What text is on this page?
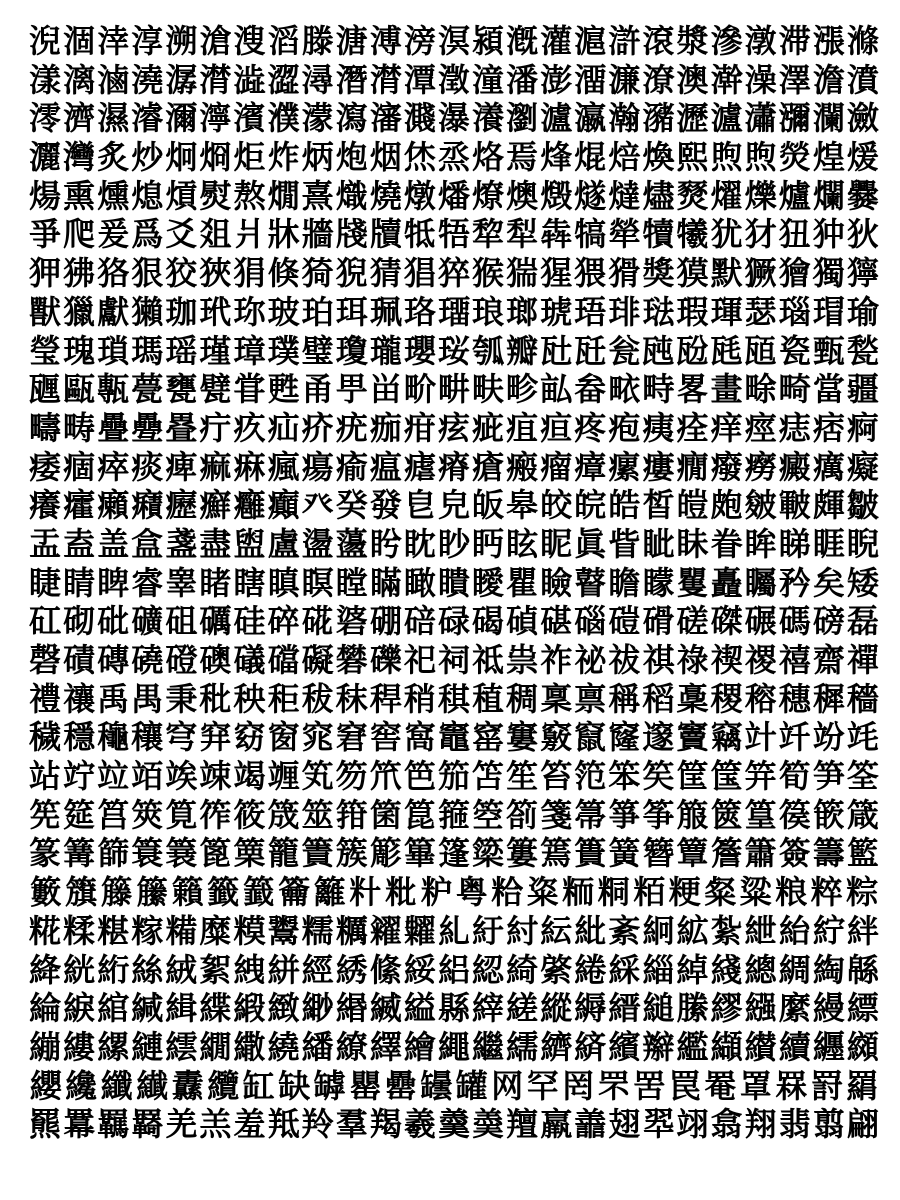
淣 涸 涬 淳 溯 滄 溲 滔 滕 溏 溥 滂 溟 潁 漑 灌 滬 滸 滾 漿 滲 潡 滞 漲 滌
漾 漓 滷 澆 潺 潸 澁 澀 潯 潛 潸 潭 澂 潼 潘 澎 澑 濂 潦 澳 澣 澡 澤 澹 濆
澪 濟 濕 濬 濔 濘 濱 濮 濛 瀉 瀋 濺 瀑 瀁 瀏 瀘 瀛 瀚 瀦 瀝 瀘 瀟 瀰 瀾 瀲
灑 灣 炙 炒 炯 烱 炬 炸 炳 炮 烟 烋 烝 烙 焉 烽 焜 焙 煥 熙 煦 煦 熒 煌 煖
煬 熏 燻 熄 熕 熨 熬 燗 熹 熾 燒 燉 燔 燎 燠 燬 燧 燵 燼 燹 燿 爍 爐 爛 爨
爭 爬 爰 爲 爻 爼 爿 牀 牆 牋 牘 牴 牾 犂 犁 犇 犒 犖 犢 犧 犹 犲 狃 狆 狄
狎 狒 狢 狠 狡 狹 狷 倏 猗 猊 猜 猖 猝 猴 猯 猩 猥 猾 獎 獏 默 獗 獪 獨 獰
獸 獵 獻 獺 珈 玳 珎 玻 珀 珥 珮 珞 璢 琅 瑯 琥 珸 琲 琺 瑕 琿 瑟 瑙 瑁 瑜
瑩 瑰 瑣 瑪 瑶 瑾 璋 璞 璧 瓊 瓏 瓔 珱 瓠 瓣 瓧 瓩 瓮 瓲 瓰 瓱 瓸 瓷 甄 甃
甅 甌 甎 甍 甕 甓 甞 甦 甬 甼 畄 畍 畊 畉 畛 畆 畚 畩 畤 畧 畫 畭 畸 當 疆
疇 畴 疊 疉 疂 疔 疚 疝 疥 疣 痂 疳 痃 疵 疽 疸 疼 疱 痍 痊 痒 痙 痣 痞 痾
痿 痼 瘁 痰 痺 痲 痳 瘋 瘍 瘉 瘟 瘧 瘠 瘡 瘢 瘤 瘴 瘰 瘻 癇 癈 癆 癜 癘 癡
癢 癨 癩 癪 癧 癬 癰 癲 癶 癸 發 皀 皃 皈 皋 皎 皖 皓 皙 皚 皰 皴 皸 皹 皺
盂 盍 盖 盒 盞 盡 盥 盧 盪 蘯 盻 眈 眇 眄 眩 眤 眞 眥 眦 眛 眷 眸 睇 睚 睨
睫 睛 睥 睿 睾 睹 瞎 瞋 瞑 瞠 瞞 瞰 瞶 瞹 瞿 瞼 瞽 瞻 矇 矍 矗 矚 矜 矣 矮
矼 砌 砒 礦 砠 礪 硅 碎 硴 碆 硼 碚 碌 碣 碵 碪 碯 磑 磆 磋 磔 碾 碼 磅 磊
磬 磧 磚 磽 磴 礇 礒 礑 礙 礬 礫 祀 祠 祗 祟 祚 祕 祓 祺 祿 禊 禝 禧 齋 禪
禮 禳 禹 禺 秉 秕 秧 秬 秡 秣 稈 稍 稘 稙 稠 稟 禀 稱 稻 稾 稷 穃 穗 穉 穡
穢 穩 龝 穰 穹 穽 窈 窗 窕 窘 窖 窩 竈 窰 窶 竅 竄 窿 邃 竇 竊 竍 竏 竕 竓
站 竚 竝 竡 竢 竦 竭 竰 笂 笏 笊 笆 笳 笘 笙 笞 笵 笨 笶 筐 筺 笄 筍 笋 筌
筅 筵 筥 筴 筧 筰 筱 筬 筮 箝 箘 箟 箍 箜 箚 箋 箒 箏 筝 箙 篋 篁 篌 篏 箴
篆 篝 篩 簑 簔 篦 篥 籠 簀 簇 簓 篳 篷 簗 簍 篶 簣 簧 簪 簟 簷 簫 簽 籌 籃
籔 籏 籐 籘 籟 籤 籖 籥 籬 籵 粃 粐 粤 粭 粢 粫 粡 粨 粳 粲 粱 粮 粹 粽
糀 糅 糂 糘 糒 糜 糢 鬻 糯 糲 糴 糶 糺 紆 紂 紜 紕 紊 絅 絋 紮 紲 紿 紵 絆
絳 絖 絎 絲 絨 絮 絏 絣 經 綉 絛 綏 絽 綛 綺 綮 綣 綵 緇 綽 綫 總 綢 綯 緜
綸 綟 綰 緘 緝 緤 緞 緻 緲 緡 縅 縊 縣 縡 縒 縱 縟 縉 縋 縢 繆 繦 縻 縵 縹
繃 縷 縲 縺 繧 繝 繖 繞 繙 繚 繹 繪 繩 繼 繻 纃 緕 繽 辮 繿 纈 纉 續 纒 纐
纓 纔 纖 纎 纛 纜 缸 缺 罅 罌 罍 罎 罐 网 罕 罔 罘 罟 罠 罨 罩 罧 罸 羂
羆 羃 羈 羇 羌 羔 羞 羝 羚 羣 羯 羲 羹 羮 羶 羸 譱 翅 翆 翊 翕 翔 翡 翦 翩
